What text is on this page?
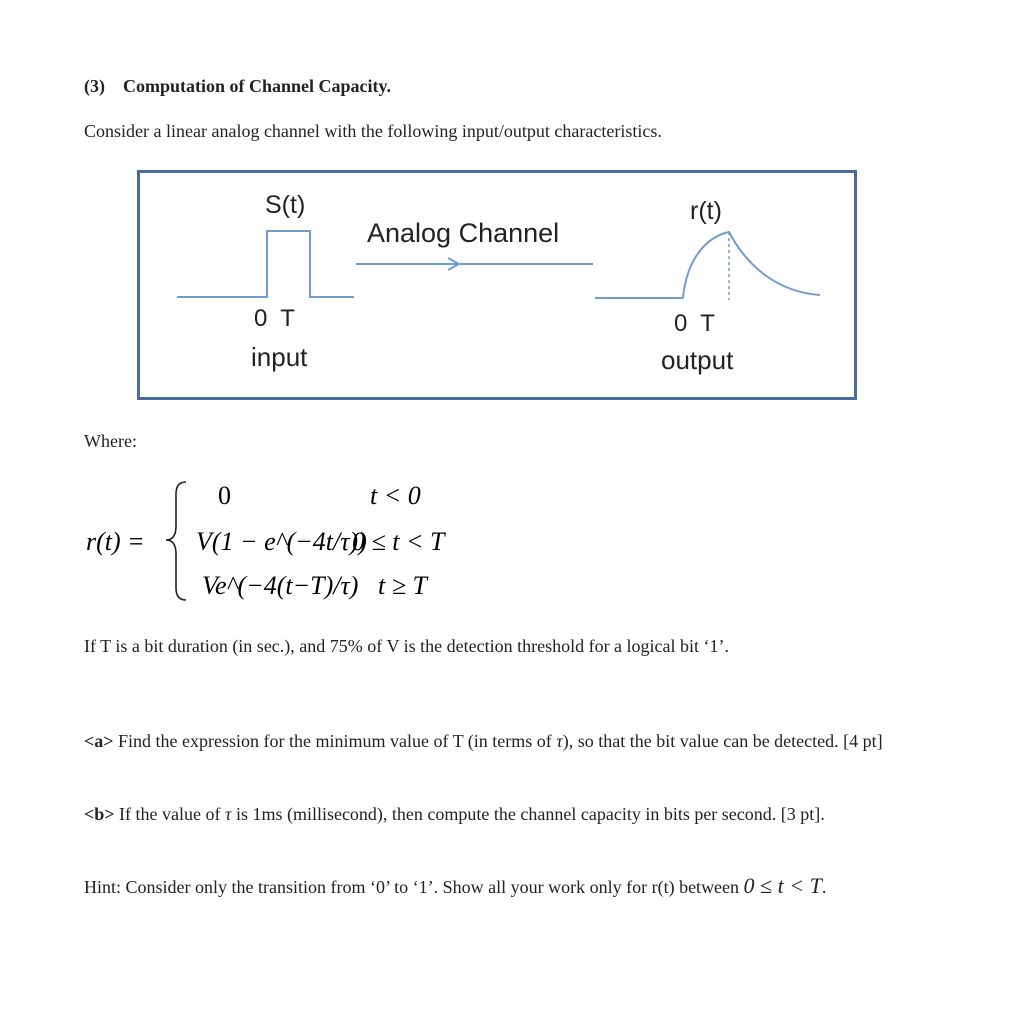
(3) Computation of Channel Capacity.
Consider a linear analog channel with the following input/output characteristics.
S(t)
0  T
input
Analog Channel
r(t)
0  T
output
Where:
r(t) =
0	t < 0
V(1 − e^(−4t/τ))
0 ≤ t < T
Ve^(−4(t−T)/τ) t ≥ T
If T is a bit duration (in sec.), and 75% of V is the detection threshold for a logical bit ‘1’.
<a> Find the expression for the minimum value of T (in terms of τ), so that the bit value can be detected. [4 pt]
<b> If the value of τ is 1ms (millisecond), then compute the channel capacity in bits per second. [3 pt].
Hint: Consider only the transition from ‘0’ to ‘1’. Show all your work only for r(t) between 0 ≤ t < T.
